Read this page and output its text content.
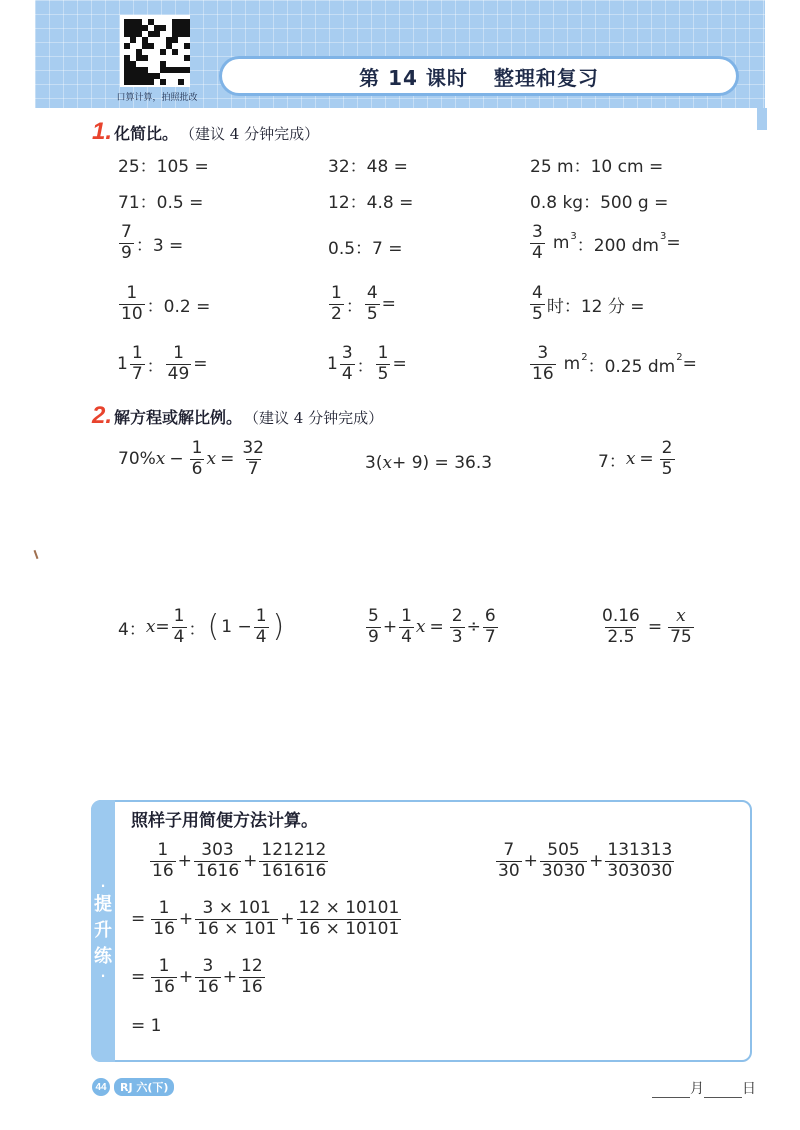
口算计算，拍照批改
第 14 课时 整理和复习
1. 化简比。 （建议 4 分钟完成）
25：105 =	32：48 =	25 m：10 cm =
71：0.5 =	12：4.8 =	0.8 kg：500 g =
$\frac{7}{9}$ ：3 =	0.5：7 =	$\frac{3}{4}$ m 3 ：200 dm 3 =
$\frac{1}{10}$ ：0.2 =	$\frac{1}{2}$ ： $\frac{4}{5}$ =	$\frac{4}{5}$ 时：12 分 =
$1 \frac{1}{7}$ ： $\frac{1}{49}$ =	$1 \frac{3}{4}$ ： $\frac{1}{5}$ =	$\frac{3}{16}$ m 2 ：0.25 dm 2 =
2. 解方程或解比例。 （建议 4 分钟完成）
70% $x - \frac{1}{6}$ $x = \frac{32}{7}$	3( x + 9) = 36.3	7： $x = \frac{2}{5}$
4： $x = \frac{1}{4}$ ： ( $1 - \frac{1}{4}$ )	$\frac{5}{9} + \frac{1}{4}$ $x = \frac{2}{3} \div \frac{6}{7}$	$\frac{0.16}{2.5} = \frac{x}{75}$
·
提
升
练
·
照样子用简便方法计算。
$\frac{1}{16} + \frac{303}{1616} + \frac{121212}{161616}$
= $\frac{1}{16} + \frac{3 \times 101}{16 \times 101} + \frac{12 \times 10101}{16 \times 10101}$
= $\frac{1}{16} + \frac{3}{16} + \frac{12}{16}$
= 1
$\frac{7}{30} + \frac{505}{3030} + \frac{131313}{303030}$
44	RJ 六(下)	月	日
